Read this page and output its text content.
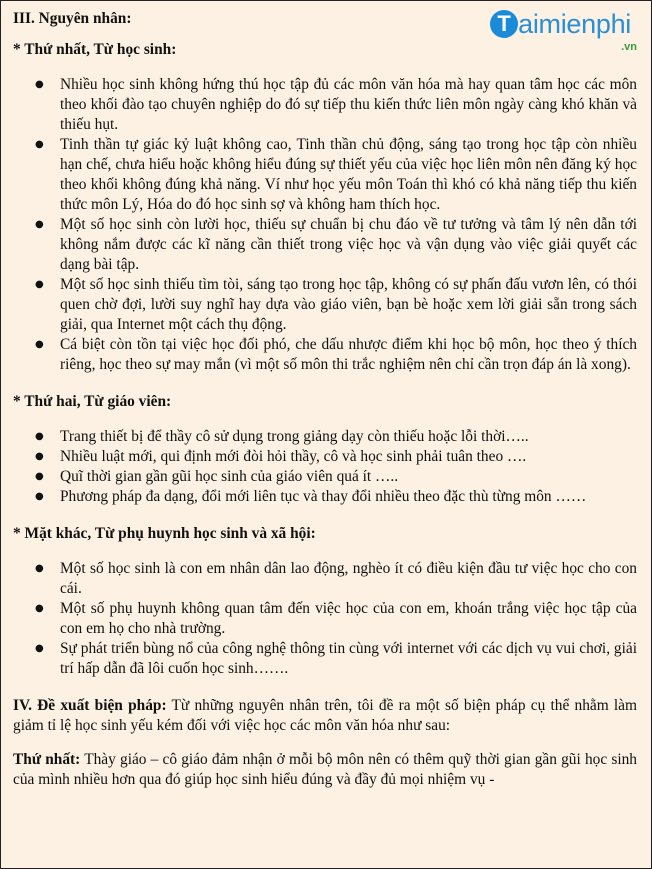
T aimienphi
.vn
III. Nguyên nhân:
* Thứ nhất, Từ học sinh:
● Nhiều học sinh không hứng thú học tập đủ các môn văn hóa mà hay quan tâm học các môn theo khối đào tạo chuyên nghiệp do đó sự tiếp thu kiến thức liên môn ngày càng khó khăn và thiếu hụt.
● Tinh thần tự giác kỷ luật không cao, Tinh thần chủ động, sáng tạo trong học tập còn nhiều hạn chế, chưa hiểu hoặc không hiểu đúng sự thiết yếu của việc học liên môn nên đăng ký học theo khối không đúng khả năng. Ví như học yếu môn Toán thì khó có khả năng tiếp thu kiến thức môn Lý, Hóa do đó học sinh sợ và không ham thích học.
● Một số học sinh còn lười học, thiếu sự chuẩn bị chu đáo về tư tưởng và tâm lý nên dẫn tới không nắm được các kĩ năng cần thiết trong việc học và vận dụng vào việc giải quyết các dạng bài tập.
● Một số học sinh thiếu tìm tòi, sáng tạo trong học tập, không có sự phấn đấu vươn lên, có thói quen chờ đợi, lười suy nghĩ hay dựa vào giáo viên, bạn bè hoặc xem lời giải sẵn trong sách giải, qua Internet một cách thụ động.
● Cá biệt còn tồn tại việc học đối phó, che dấu nhược điểm khi học bộ môn, học theo ý thích riêng, học theo sự may mắn (vì một số môn thi trắc nghiệm nên chỉ cần trọn đáp án là xong).
* Thứ hai, Từ giáo viên:
● Trang thiết bị để thầy cô sử dụng trong giảng dạy còn thiếu hoặc lỗi thời…..
● Nhiều luật mới, qui định mới đòi hỏi thầy, cô và học sinh phải tuân theo ….
● Quĩ thời gian gần gũi học sinh của giáo viên quá ít …..
● Phương pháp đa dạng, đổi mới liên tục và thay đổi nhiều theo đặc thù từng môn ……
* Mặt khác, Từ phụ huynh học sinh và xã hội:
● Một số học sinh là con em nhân dân lao động, nghèo ít có điều kiện đầu tư việc học cho con cái.
● Một số phụ huynh không quan tâm đến việc học của con em, khoán trắng việc học tập của con em họ cho nhà trường.
● Sự phát triển bùng nổ của công nghệ thông tin cùng với internet với các dịch vụ vui chơi, giải trí hấp dẫn đã lôi cuốn học sinh…….

IV. Đề xuất biện pháp: Từ những nguyên nhân trên, tôi đề ra một số biện pháp cụ thể nhằm làm giảm tỉ lệ học sinh yếu kém đối với việc học các môn văn hóa như sau:

Thứ nhất: Thày giáo – cô giáo đảm nhận ở mỗi bộ môn nên có thêm quỹ thời gian gần gũi học sinh của mình nhiều hơn qua đó giúp học sinh hiểu đúng và đầy đủ mọi nhiệm vụ -
